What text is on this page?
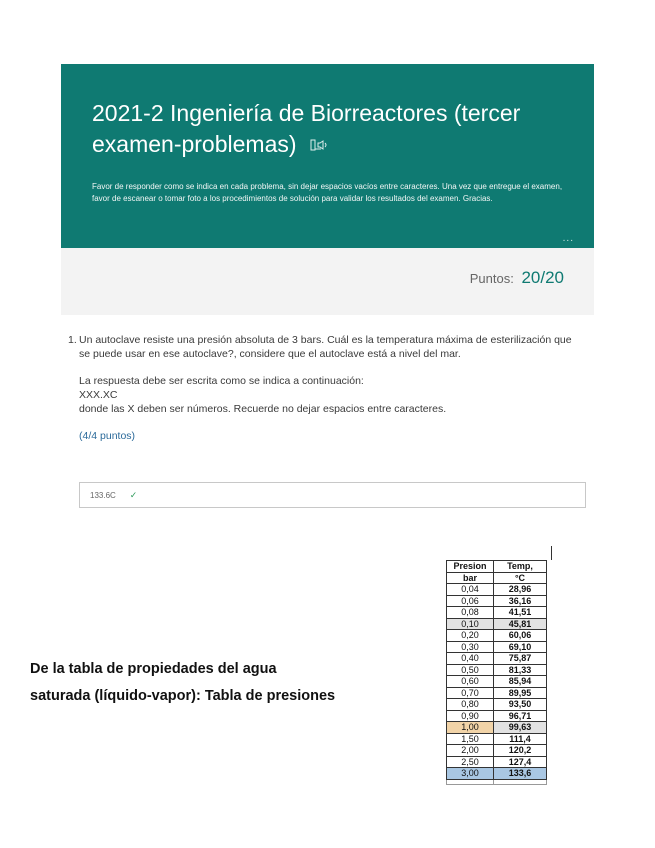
2021-2 Ingeniería de Biorreactores (tercer examen-problemas)
Favor de responder como se indica en cada problema, sin dejar espacios vacíos entre caracteres. Una vez que entregue el examen, favor de escanear o tomar foto a los procedimientos de solución para validar los resultados del examen. Gracias.
...
Puntos: 20/20
1. Un autoclave resiste una presión absoluta de 3 bars. Cuál es la temperatura máxima de esterilización que se puede usar en ese autoclave?, considere que el autoclave está a nivel del mar.

La respuesta debe ser escrita como se indica a continuación:

XXX.XC

donde las X deben ser números. Recuerde no dejar espacios entre caracteres.

(4/4 puntos)

133.6C ✓
De la tabla de propiedades del agua
saturada (líquido-vapor): Tabla de presiones
Presion	Temp,
bar	°C
0,04	28,96
0,06	36,16
0,08	41,51
0,10	45,81
0,20	60,06
0,30	69,10
0,40	75,87
0,50	81,33
0,60	85,94
0,70	89,95
0,80	93,50
0,90	96,71
1,00	99,63
1,50	111,4
2,00	120,2
2,50	127,4
3,00	133,6
